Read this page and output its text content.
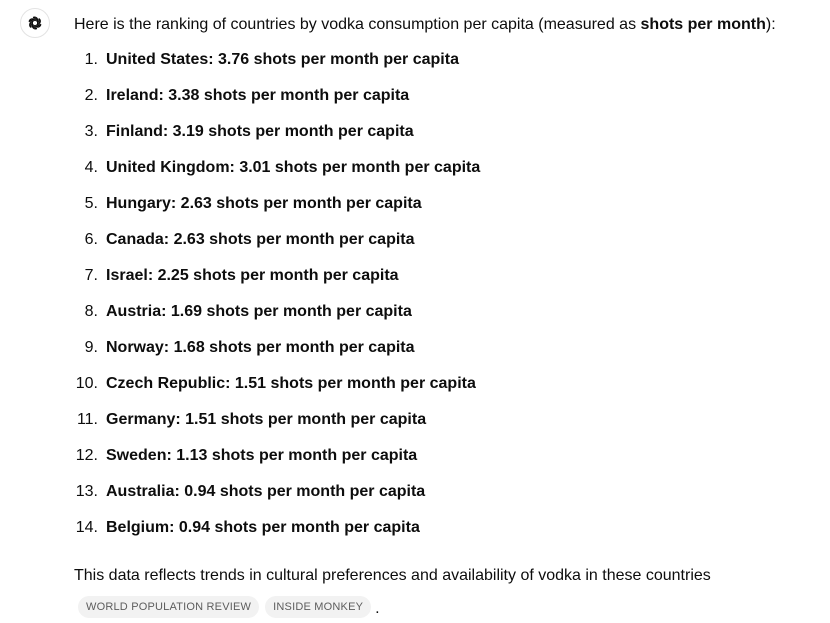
Here is the ranking of countries by vodka consumption per capita (measured as shots per month):

1. United States: 3.76 shots per month per capita
2. Ireland: 3.38 shots per month per capita
3. Finland: 3.19 shots per month per capita
4. United Kingdom: 3.01 shots per month per capita
5. Hungary: 2.63 shots per month per capita
6. Canada: 2.63 shots per month per capita
7. Israel: 2.25 shots per month per capita
8. Austria: 1.69 shots per month per capita
9. Norway: 1.68 shots per month per capita
10. Czech Republic: 1.51 shots per month per capita
11. Germany: 1.51 shots per month per capita
12. Sweden: 1.13 shots per month per capita
13. Australia: 0.94 shots per month per capita
14. Belgium: 0.94 shots per month per capita

This data reflects trends in cultural preferences and availability of vodka in these countries

WORLD POPULATION REVIEW	INSIDE MONKEY .
